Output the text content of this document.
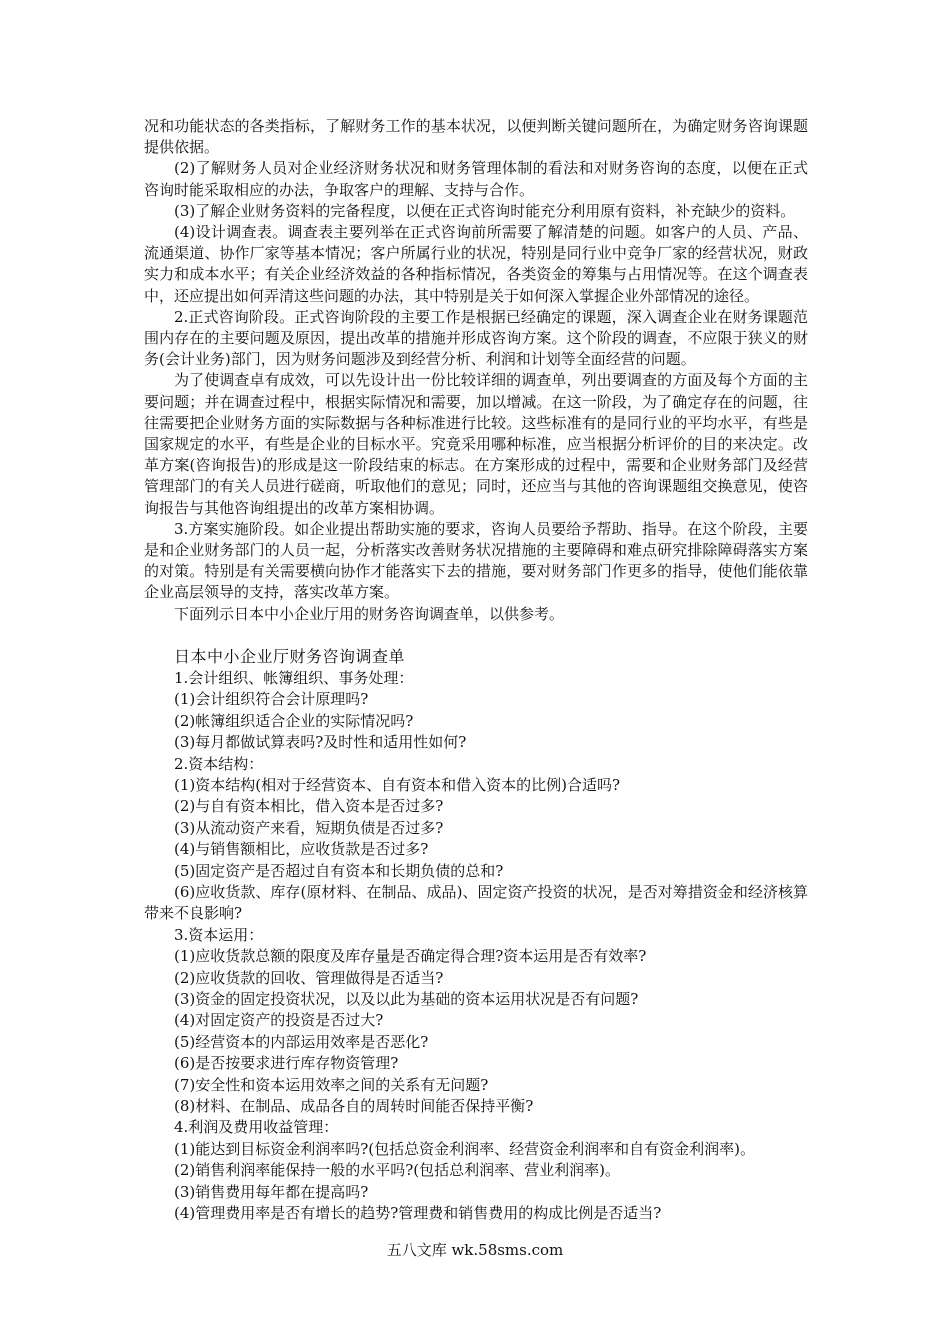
况和功能状态的各类指标，了解财务工作的基本状况，以便判断关键问题所在，为确定财务咨询课题提供依据。

(2)了解财务人员对企业经济财务状况和财务管理体制的看法和对财务咨询的态度，以便在正式咨询时能采取相应的办法，争取客户的理解、支持与合作。

(3)了解企业财务资料的完备程度，以便在正式咨询时能充分利用原有资料，补充缺少的资料。

(4)设计调查表。调查表主要列举在正式咨询前所需要了解清楚的问题。如客户的人员、产品、流通渠道、协作厂家等基本情况；客户所属行业的状况，特别是同行业中竞争厂家的经营状况，财政实力和成本水平；有关企业经济效益的各种指标情况，各类资金的筹集与占用情况等。在这个调查表中，还应提出如何弄清这些问题的办法，其中特别是关于如何深入掌握企业外部情况的途径。

2.正式咨询阶段。正式咨询阶段的主要工作是根据已经确定的课题，深入调查企业在财务课题范围内存在的主要问题及原因，提出改革的措施并形成咨询方案。这个阶段的调查，不应限于狭义的财务(会计业务)部门，因为财务问题涉及到经营分析、利润和计划等全面经营的问题。

为了使调查卓有成效，可以先设计出一份比较详细的调查单，列出要调查的方面及每个方面的主要问题；并在调查过程中，根据实际情况和需要，加以增减。在这一阶段，为了确定存在的问题，往往需要把企业财务方面的实际数据与各种标准进行比较。这些标准有的是同行业的平均水平，有些是国家规定的水平，有些是企业的目标水平。究竟采用哪种标准，应当根据分析评价的目的来决定。改革方案(咨询报告)的形成是这一阶段结束的标志。在方案形成的过程中，需要和企业财务部门及经营管理部门的有关人员进行磋商，听取他们的意见；同时，还应当与其他的咨询课题组交换意见，使咨询报告与其他咨询组提出的改革方案相协调。

3.方案实施阶段。如企业提出帮助实施的要求，咨询人员要给予帮助、指导。在这个阶段，主要是和企业财务部门的人员一起，分析落实改善财务状况措施的主要障碍和难点研究排除障碍落实方案的对策。特别是有关需要横向协作才能落实下去的措施，要对财务部门作更多的指导，使他们能依靠企业高层领导的支持，落实改革方案。

下面列示日本中小企业厅用的财务咨询调查单，以供参考。

日本中小企业厅财务咨询调查单

1.会计组织、帐簿组织、事务处理：

(1)会计组织符合会计原理吗?

(2)帐簿组织适合企业的实际情况吗?

(3)每月都做试算表吗?及时性和适用性如何?

2.资本结构：

(1)资本结构(相对于经营资本、自有资本和借入资本的比例)合适吗?

(2)与自有资本相比，借入资本是否过多?

(3)从流动资产来看，短期负债是否过多?

(4)与销售额相比，应收货款是否过多?

(5)固定资产是否超过自有资本和长期负债的总和?

(6)应收货款、库存(原材料、在制品、成品)、固定资产投资的状况，是否对筹措资金和经济核算带来不良影响?

3.资本运用：

(1)应收货款总额的限度及库存量是否确定得合理?资本运用是否有效率?

(2)应收货款的回收、管理做得是否适当?

(3)资金的固定投资状况，以及以此为基础的资本运用状况是否有问题?

(4)对固定资产的投资是否过大?

(5)经营资本的内部运用效率是否恶化?

(6)是否按要求进行库存物资管理?

(7)安全性和资本运用效率之间的关系有无问题?

(8)材料、在制品、成品各自的周转时间能否保持平衡?

4.利润及费用收益管理：

(1)能达到目标资金利润率吗?(包括总资金利润率、经营资金利润率和自有资金利润率)。

(2)销售利润率能保持一般的水平吗?(包括总利润率、营业利润率)。

(3)销售费用每年都在提高吗?

(4)管理费用率是否有增长的趋势?管理费和销售费用的构成比例是否适当?

五八文库 wk.58sms.com
